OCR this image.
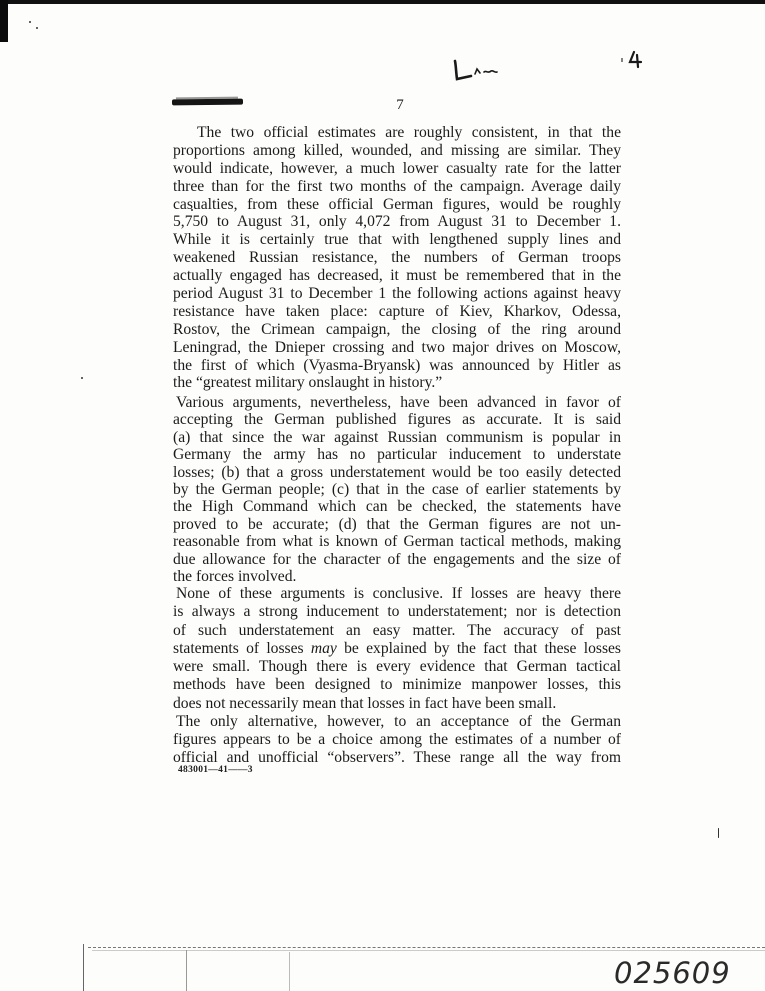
7
The two official estimates are roughly consistent, in that the
proportions among killed, wounded, and missing are similar. They
would indicate, however, a much lower casualty rate for the latter
three than for the first two months of the campaign. Average daily
casualties, from these official German figures, would be roughly
5,750 to August 31, only 4,072 from August 31 to December 1.
While it is certainly true that with lengthened supply lines and
weakened Russian resistance, the numbers of German troops
actually engaged has decreased, it must be remembered that in the
period August 31 to December 1 the following actions against heavy
resistance have taken place: capture of Kiev, Kharkov, Odessa,
Rostov, the Crimean campaign, the closing of the ring around
Leningrad, the Dnieper crossing and two major drives on Moscow,
the first of which (Vyasma-Bryansk) was announced by Hitler as
the “greatest military onslaught in history.”
Various arguments, nevertheless, have been advanced in favor of
accepting the German published figures as accurate. It is said
(a) that since the war against Russian communism is popular in
Germany the army has no particular inducement to understate
losses; (b) that a gross understatement would be too easily detected
by the German people; (c) that in the case of earlier statements by
the High Command which can be checked, the statements have
proved to be accurate; (d) that the German figures are not un-
reasonable from what is known of German tactical methods, making
due allowance for the character of the engagements and the size of
the forces involved.
None of these arguments is conclusive. If losses are heavy there
is always a strong inducement to understatement; nor is detection
of such understatement an easy matter. The accuracy of past
statements of losses may be explained by the fact that these losses
were small. Though there is every evidence that German tactical
methods have been designed to minimize manpower losses, this
does not necessarily mean that losses in fact have been small.
The only alternative, however, to an acceptance of the German
figures appears to be a choice among the estimates of a number of
official and unofficial “observers”. These range all the way from
483001—41——3
025609
